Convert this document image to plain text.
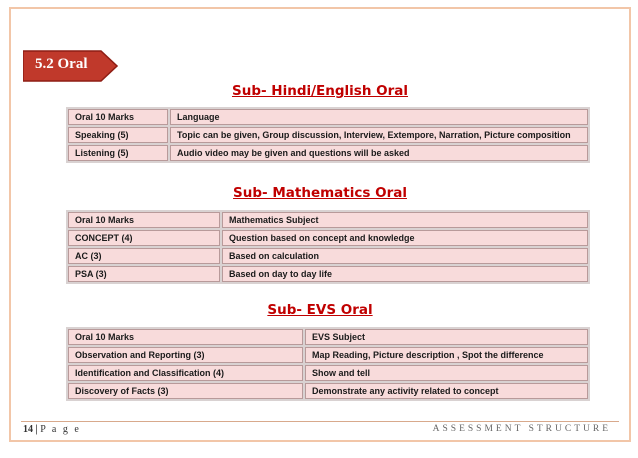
5.2 Oral
Sub- Hindi/English Oral
Oral 10 Marks	Language
Speaking (5)	Topic can be given, Group discussion, Interview, Extempore, Narration, Picture composition
Listening (5)	Audio video may be given and questions will be asked
Sub- Mathematics Oral
Oral 10 Marks	Mathematics Subject
CONCEPT (4)	Question based on concept and knowledge
AC (3)	Based on calculation
PSA (3)	Based on day to day life
Sub- EVS Oral
Oral 10 Marks	EVS Subject
Observation and Reporting (3)	Map Reading, Picture description , Spot the difference
Identification and Classification (4)	Show and tell
Discovery of Facts (3)	Demonstrate any activity related to concept
14 | P a g e	ASSESSMENT STRUCTURE
